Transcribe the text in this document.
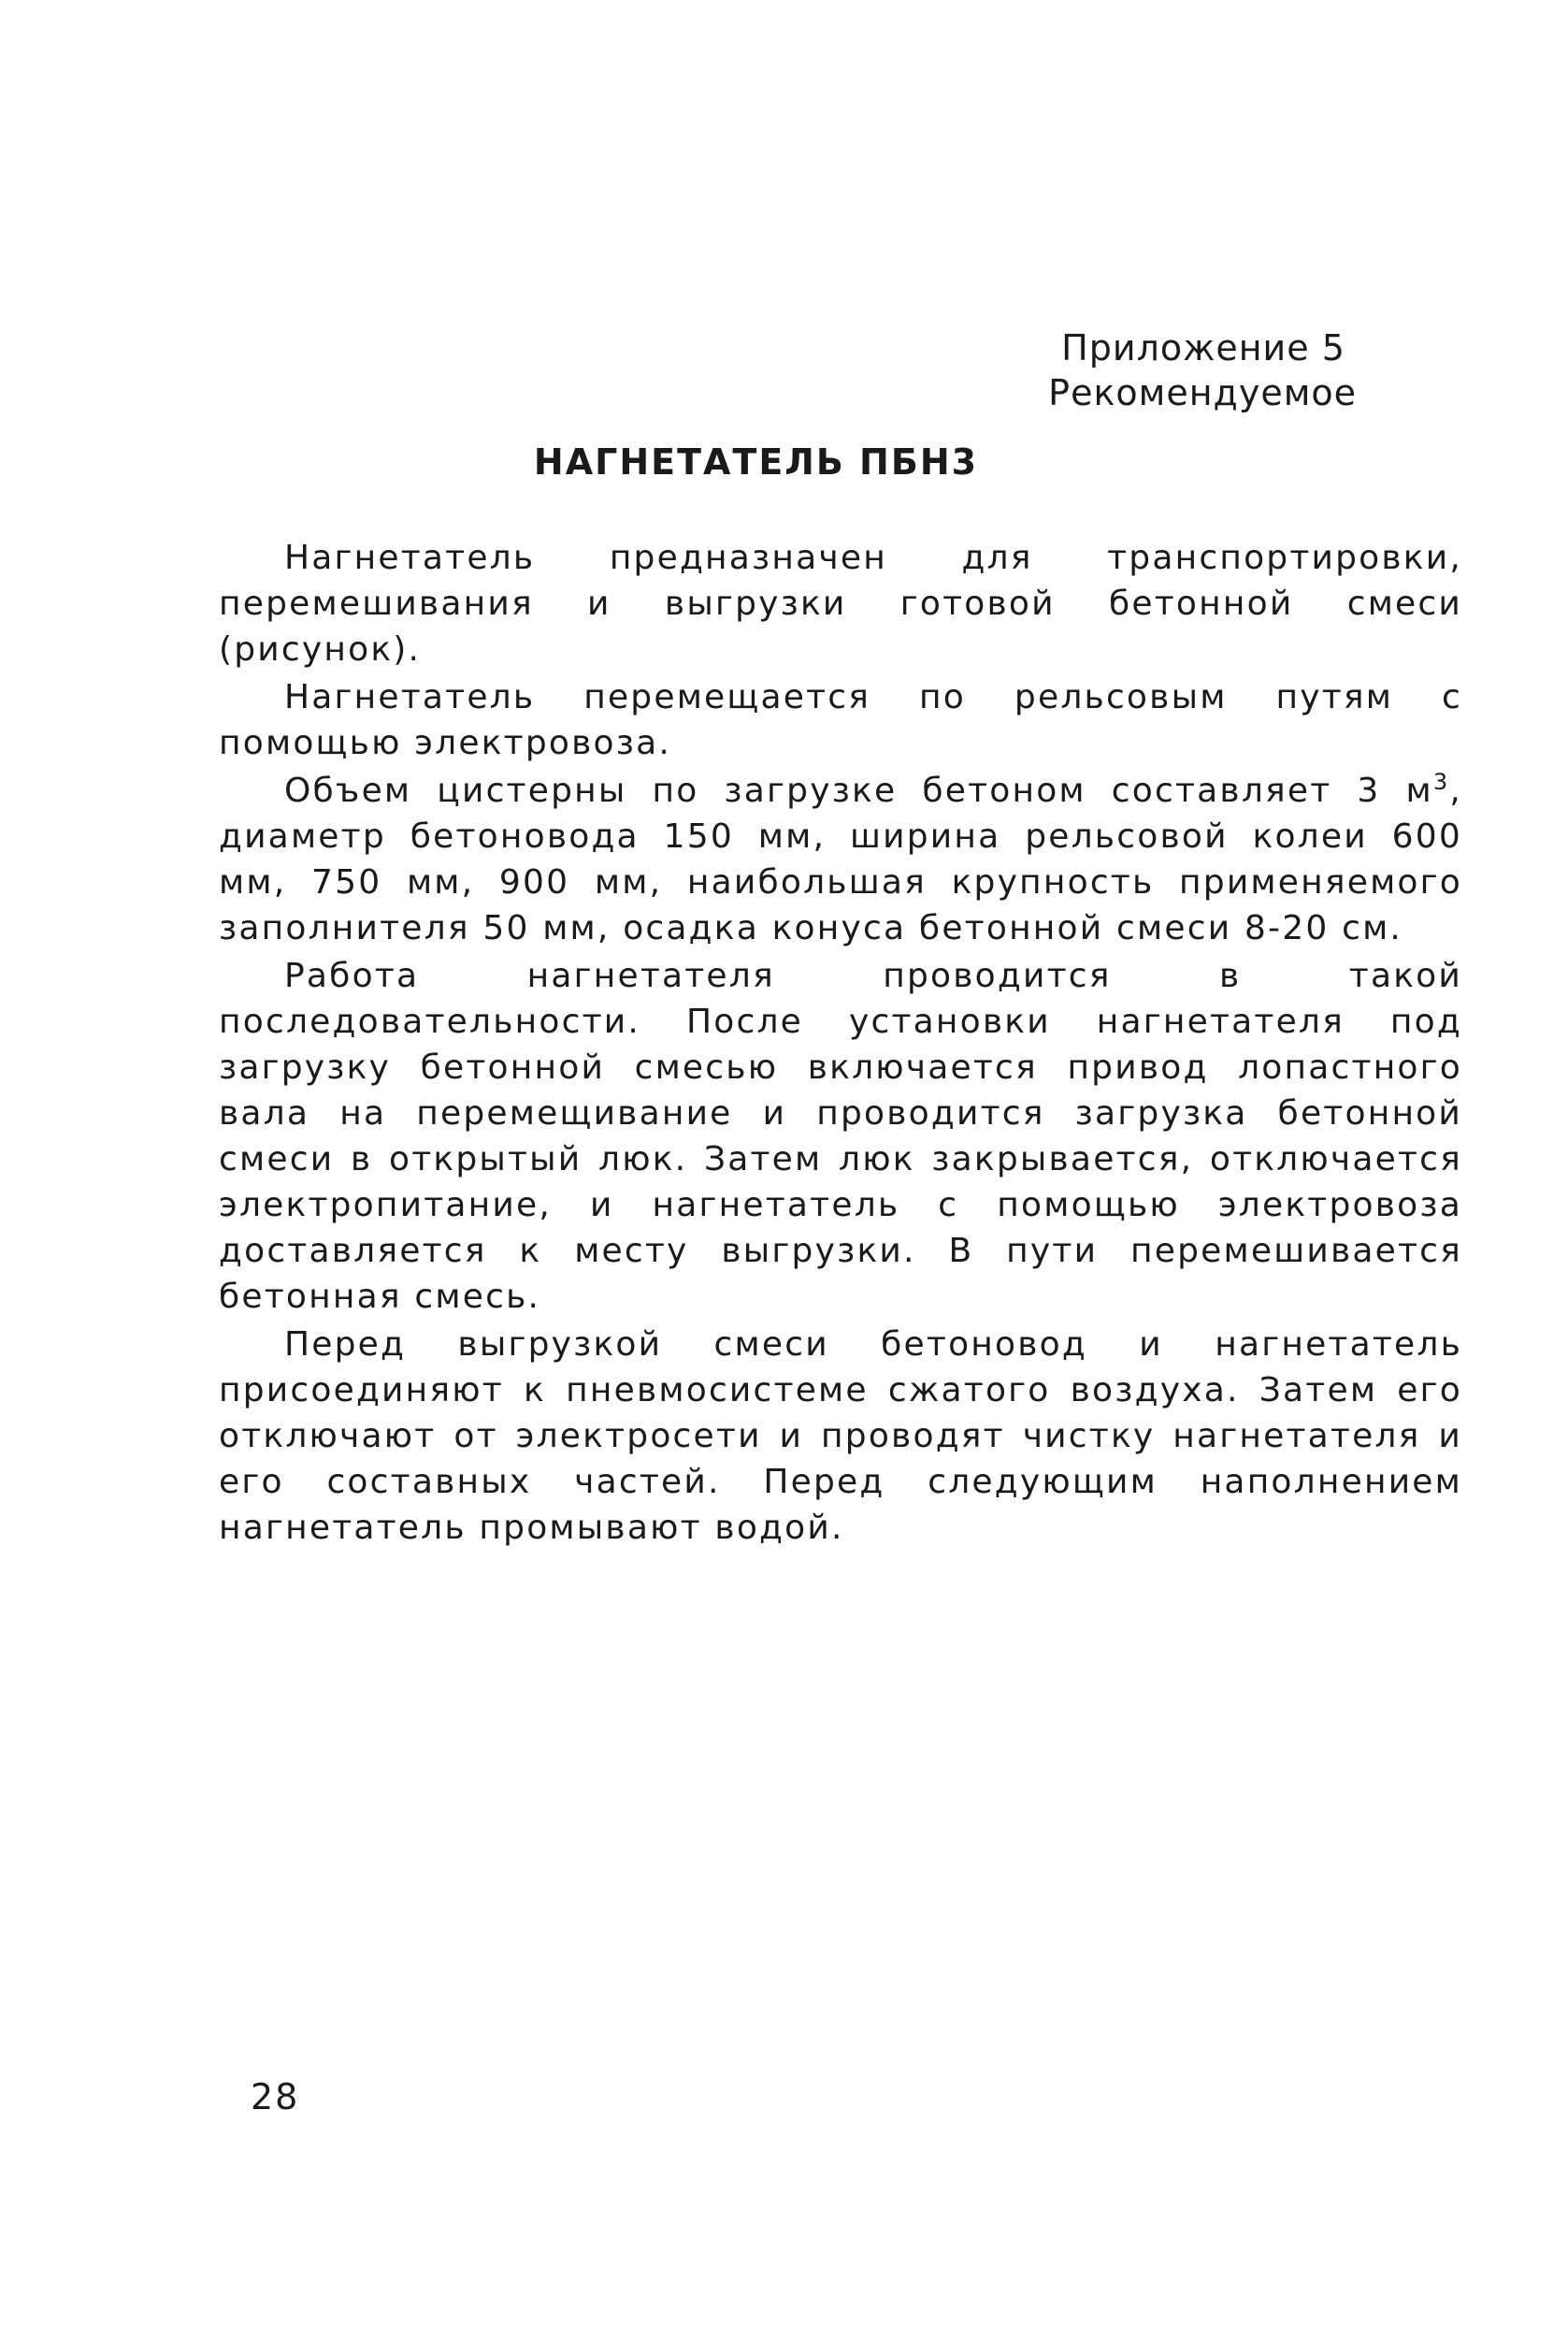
Приложение 5
Рекомендуемое
НАГНЕТАТЕЛЬ ПБН3

Нагнетатель предназначен для транспортировки, перемешивания и выгрузки готовой бетонной смеси (рисунок).

Нагнетатель перемещается по рельсовым путям с помощью электровоза.

Объем цистерны по загрузке бетоном составляет 3 $м^3$, диаметр бетоновода 150 мм, ширина рельсовой колеи 600 мм, 750 мм, 900 мм, наибольшая крупность применяемого заполнителя 50 мм, осадка конуса бетонной смеси 8-20 см.

Работа нагнетателя проводится в такой последовательности. После установки нагнетателя под загрузку бетонной смесью включается привод лопастного вала на перемещивание и проводится загрузка бетонной смеси в открытый люк. Затем люк закрывается, отключается электропитание, и нагнетатель с помощью электровоза доставляется к месту выгрузки. В пути перемешивается бетонная смесь.

Перед выгрузкой смеси бетоновод и нагнетатель присоединяют к пневмосистеме сжатого воздуха. Затем его отключают от электросети и проводят чистку нагнетателя и его составных частей. Перед следующим наполнением нагнетатель промывают водой.

28
